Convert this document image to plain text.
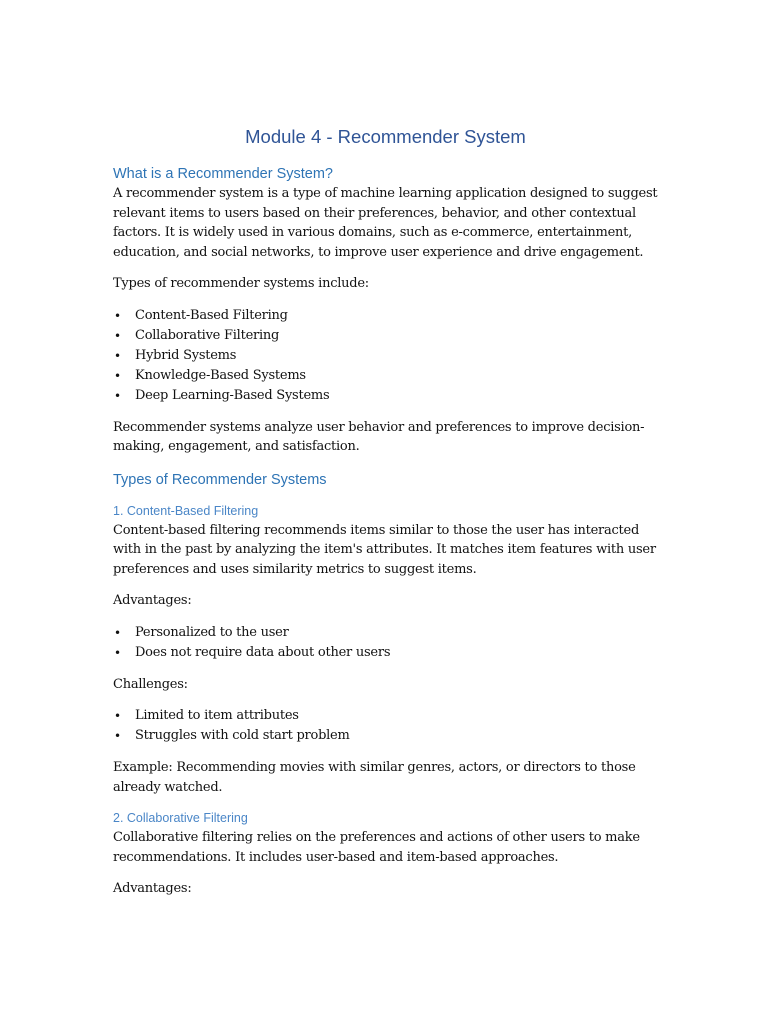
Module 4 - Recommender System
What is a Recommender System?

A recommender system is a type of machine learning application designed to suggest relevant items to users based on their preferences, behavior, and other contextual factors. It is widely used in various domains, such as e-commerce, entertainment, education, and social networks, to improve user experience and drive engagement.

Types of recommender systems include:

• Content-Based Filtering
• Collaborative Filtering
• Hybrid Systems
• Knowledge-Based Systems
• Deep Learning-Based Systems

Recommender systems analyze user behavior and preferences to improve decision-making, engagement, and satisfaction.

Types of Recommender Systems
1. Content-Based Filtering

Content-based filtering recommends items similar to those the user has interacted with in the past by analyzing the item's attributes. It matches item features with user preferences and uses similarity metrics to suggest items.

Advantages:

• Personalized to the user
• Does not require data about other users

Challenges:

• Limited to item attributes
• Struggles with cold start problem

Example: Recommending movies with similar genres, actors, or directors to those already watched.

2. Collaborative Filtering

Collaborative filtering relies on the preferences and actions of other users to make recommendations. It includes user-based and item-based approaches.

Advantages:
